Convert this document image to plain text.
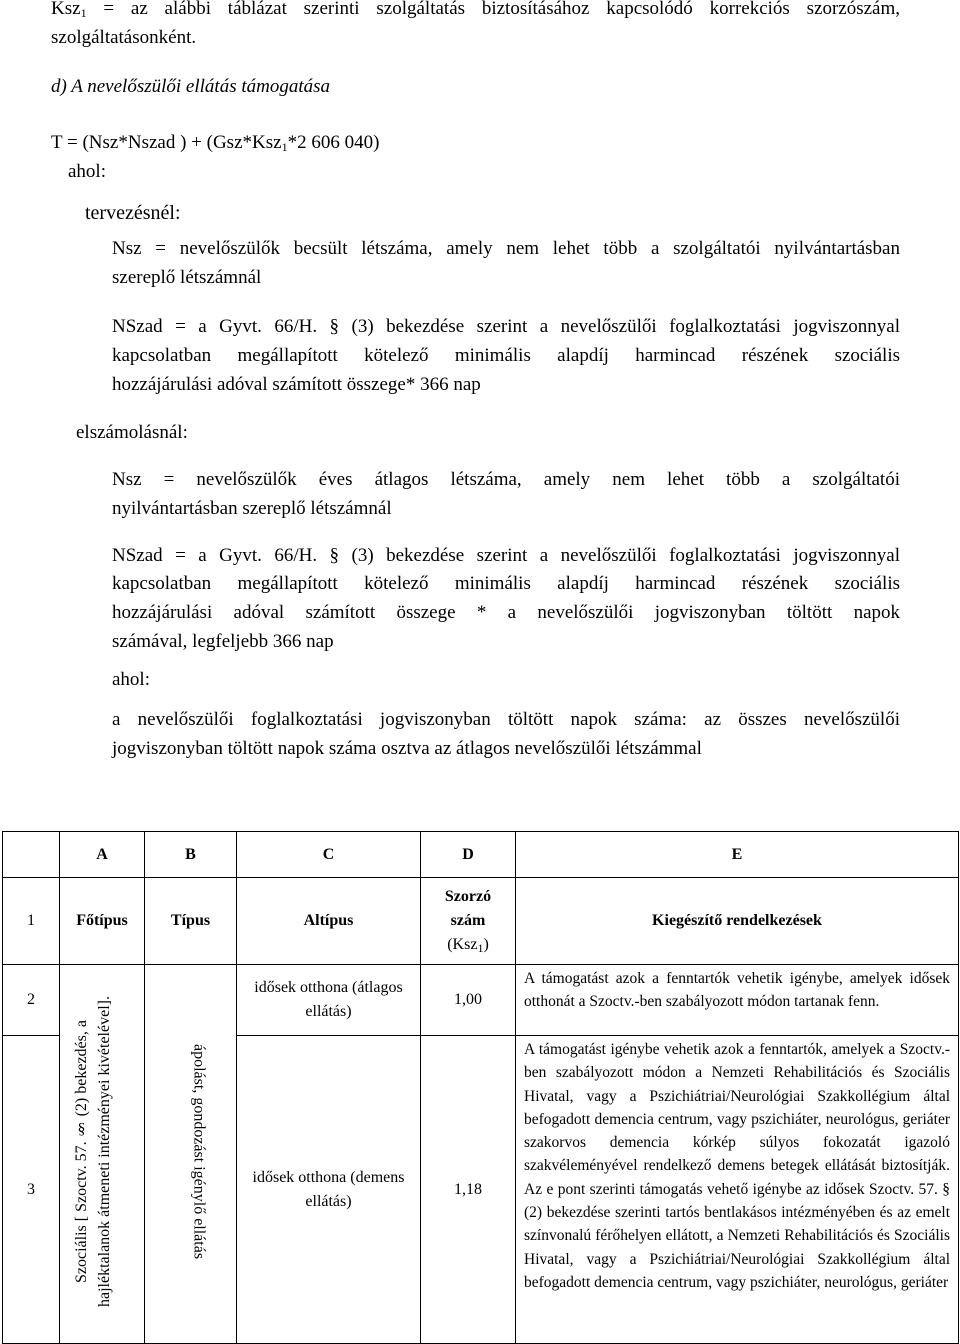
Ksz$_1$ = az alábbi táblázat szerinti szolgáltatás biztosításához kapcsolódó korrekciós szorzószám,
szolgáltatásonként.
d) A nevelőszülői ellátás támogatása
T = (Nsz*Nszad ) + (Gsz*Ksz$_1$*2 606 040)
ahol:
tervezésnél:
Nsz = nevelőszülők becsült létszáma, amely nem lehet több a szolgáltatói nyilvántartásban
szereplő létszámnál
NSzad = a Gyvt. 66/H. § (3) bekezdése szerint a nevelőszülői foglalkoztatási jogviszonnyal
kapcsolatban megállapított kötelező minimális alapdíj harmincad részének szociális
hozzájárulási adóval számított összege* 366 nap
elszámolásnál:
Nsz = nevelőszülők éves átlagos létszáma, amely nem lehet több a szolgáltatói
nyilvántartásban szereplő létszámnál
NSzad = a Gyvt. 66/H. § (3) bekezdése szerint a nevelőszülői foglalkoztatási jogviszonnyal
kapcsolatban megállapított kötelező minimális alapdíj harmincad részének szociális
hozzájárulási adóval számított összege * a nevelőszülői jogviszonyban töltött napok
számával, legfeljebb 366 nap
ahol:
a nevelőszülői foglalkoztatási jogviszonyban töltött napok száma: az összes nevelőszülői
jogviszonyban töltött napok száma osztva az átlagos nevelőszülői létszámmal
	A	B	C	D	E
1	Főtípus	Típus	Altípus	Szorzó
szám
(Ksz$_1$)	Kiegészítő rendelkezések
2	Szociális [ Szoctv. 57. § (2) bekezdés, a hajléktalanok átmeneti intézményei kivételével].	ápolást, gondozást igénylő ellátás	idősek otthona (átlagos ellátás)	1,00	A támogatást azok a fenntartók vehetik igénybe, amelyek idősek otthonát a Szoctv.-ben szabályozott módon tartanak fenn.
3			idősek otthona (demens ellátás)	1,18	A támogatást igénybe vehetik azok a fenntartók, amelyek a Szoctv.-ben szabályozott módon a Nemzeti Rehabilitációs és Szociális Hivatal, vagy a Pszichiátriai/Neurológiai Szakkollégium által befogadott demencia centrum, vagy pszichiáter, neurológus, geriáter szakorvos demencia kórkép súlyos fokozatát igazoló szakvéleményével rendelkező demens betegek ellátását biztosítják. Az e pont szerinti támogatás vehető igénybe az idősek Szoctv. 57. § (2) bekezdése szerinti tartós bentlakásos intézményében és az emelt színvonalú férőhelyen ellátott, a Nemzeti Rehabilitációs és Szociális Hivatal, vagy a Pszichiátriai/Neurológiai Szakkollégium által befogadott demencia centrum, vagy pszichiáter, neurológus, geriáter
